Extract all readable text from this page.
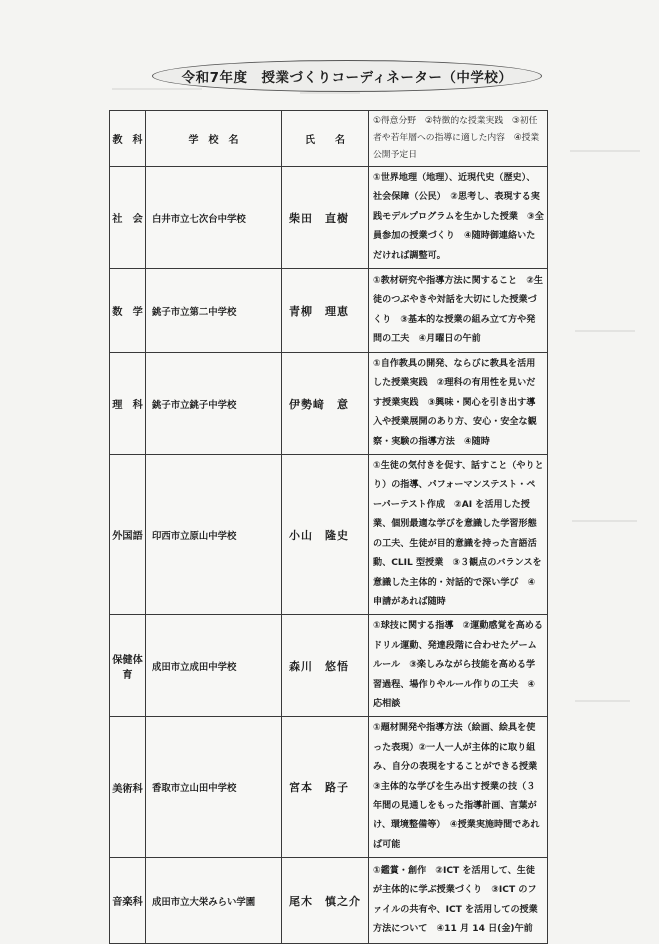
令和7年度　授業づくりコーディネーター（中学校）
教　科	学　校　名	氏　　名	①得意分野　②特徴的な授業実践　③初任者や若年層への指導に適した内容　④授業公開予定日
社　会	白井市立七次台中学校	柴田　直樹	①世界地理（地理）、近現代史（歴史）、社会保障（公民）　②思考し、表現する実践モデルプログラムを生かした授業　③全員参加の授業づくり　④随時御連絡いただければ調整可。
数　学	銚子市立第二中学校	青柳　理恵	①教材研究や指導方法に関すること　②生徒のつぶやきや対話を大切にした授業づくり　③基本的な授業の組み立て方や発問の工夫　④月曜日の午前
理　科	銚子市立銚子中学校	伊勢﨑　意	①自作教具の開発、ならびに教具を活用した授業実践　②理科の有用性を見いだす授業実践　③興味・関心を引き出す導入や授業展開のあり方、安心・安全な観察・実験の指導方法　④随時
外国語	印西市立原山中学校	小山　隆史	①生徒の気付きを促す、話すこと（やりとり）の指導、パフォーマンステスト・ペーパーテスト作成　②AI を活用した授業、個別最適な学びを意識した学習形態の工夫、生徒が目的意識を持った言語活動、CLIL 型授業　③３観点のバランスを意識した主体的・対話的で深い学び　④申請があれば随時
保健体育	成田市立成田中学校	森川　悠悟	①球技に関する指導　②運動感覚を高めるドリル運動、発達段階に合わせたゲームルール　③楽しみながら技能を高める学習過程、場作りやルール作りの工夫　④応相談
美術科	香取市立山田中学校	宮本　路子	①題材開発や指導方法（絵画、絵具を使った表現）②一人一人が主体的に取り組み、自分の表現をすることができる授業　③主体的な学びを生み出す授業の技（３年間の見通しをもった指導計画、言葉がけ、環境整備等）　④授業実施時間であれば可能
音楽科	成田市立大栄みらい学園	尾木　慎之介	①鑑賞・創作　②ICT を活用して、生徒が主体的に学ぶ授業づくり　③ICT のファイルの共有や、ICT を活用しての授業方法について　④11 月 14 日(金)午前
